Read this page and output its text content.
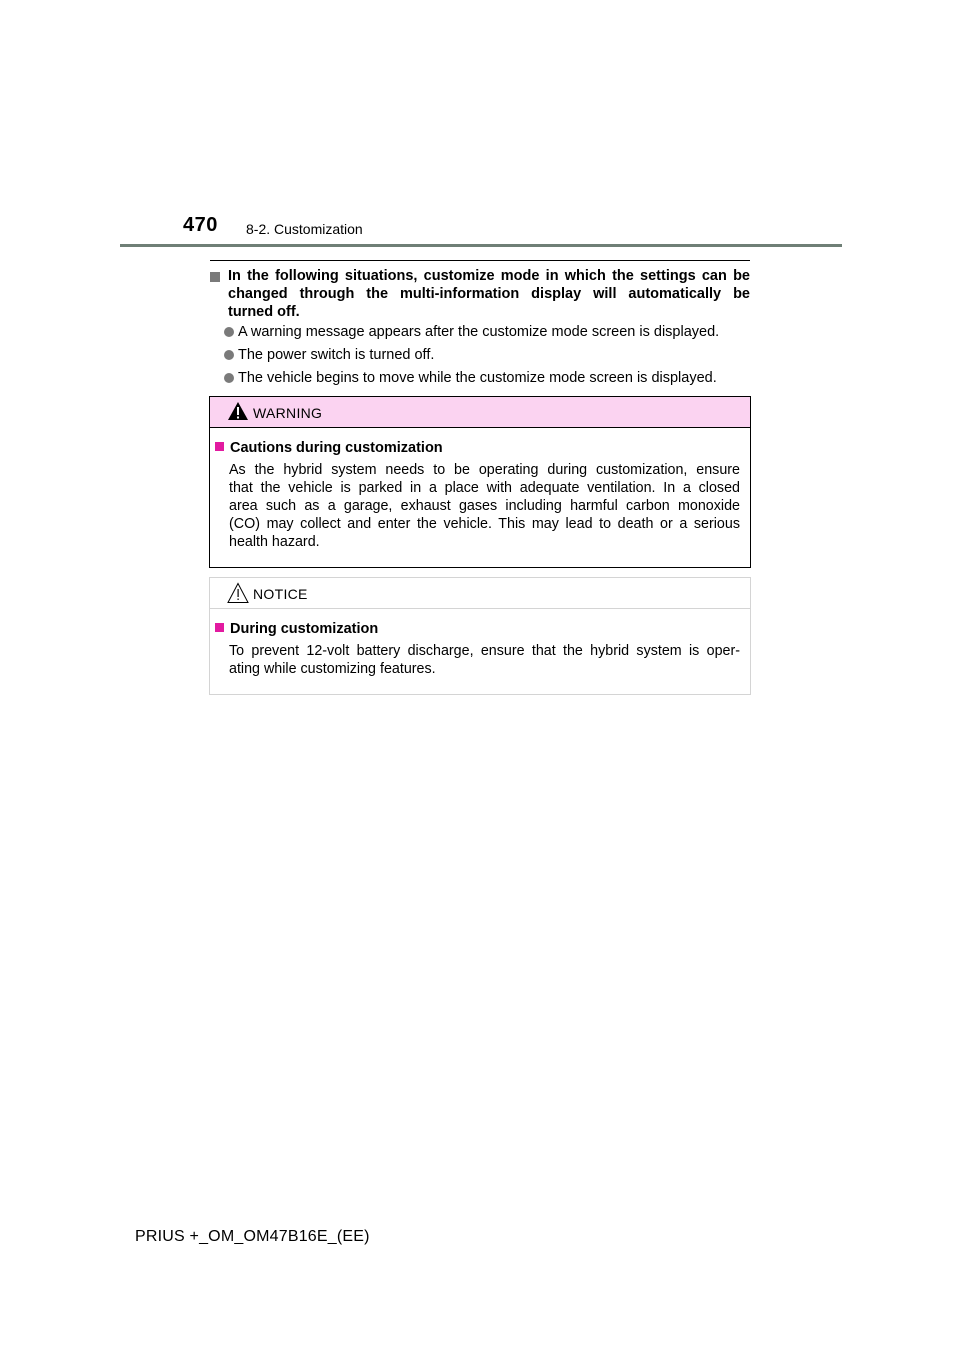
470 8-2. Customization
In the following situations, customize mode in which the settings can be
changed through the multi-information display will automatically be
turned off.
A warning message appears after the customize mode screen is displayed.
The power switch is turned off.
The vehicle begins to move while the customize mode screen is displayed.
WARNING
Cautions during customization
As the hybrid system needs to be operating during customization, ensure
that the vehicle is parked in a place with adequate ventilation. In a closed
area such as a garage, exhaust gases including harmful carbon monoxide
(CO) may collect and enter the vehicle. This may lead to death or a serious
health hazard.
NOTICE
During customization
To prevent 12-volt battery discharge, ensure that the hybrid system is oper-
ating while customizing features.
PRIUS +_OM_OM47B16E_(EE)
